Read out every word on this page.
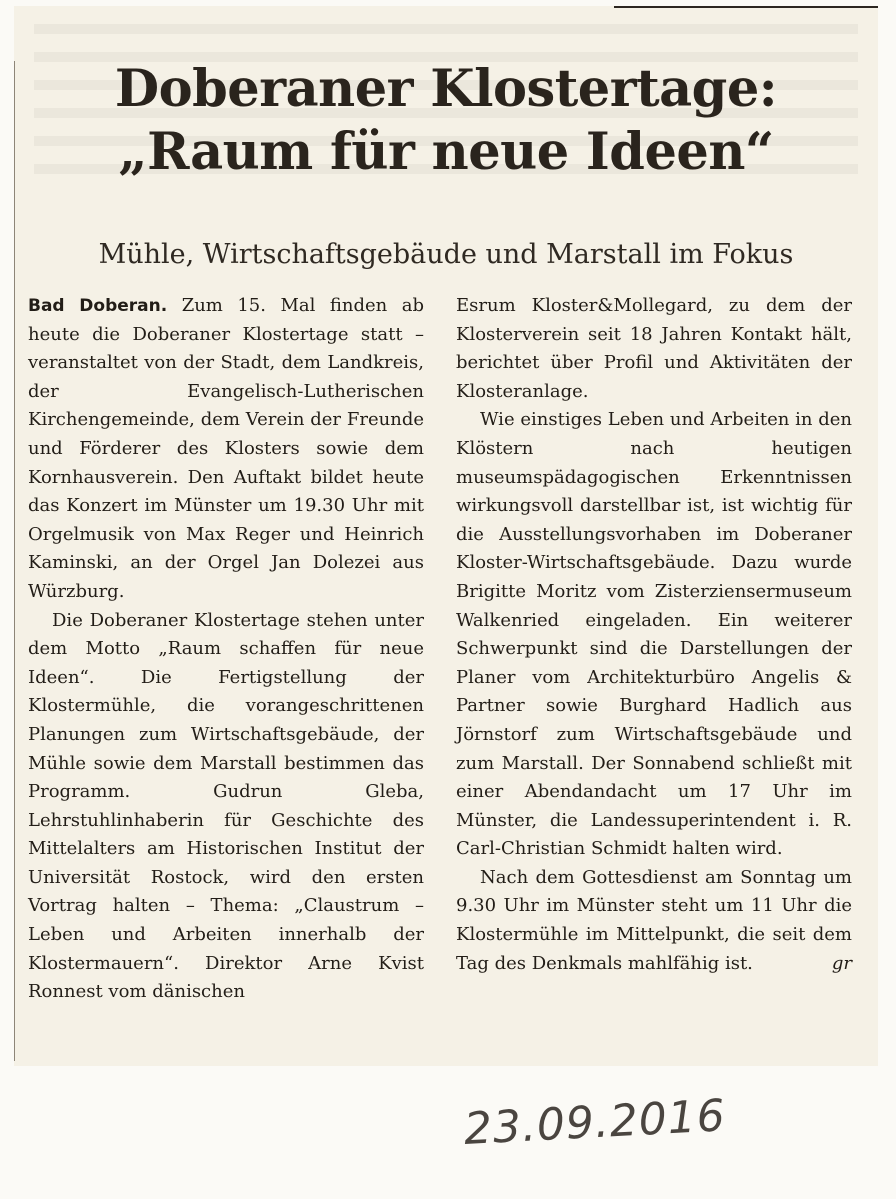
Doberaner Klostertage:
„Raum für neue Ideen“
Mühle, Wirtschaftsgebäude und Marstall im Fokus

Bad Doberan. Zum 15. Mal finden ab heute die Doberaner Klostertage statt – veranstaltet von der Stadt, dem Landkreis, der Evangelisch-Lutherischen Kirchengemeinde, dem Verein der Freunde und Förderer des Klosters sowie dem Kornhausverein. Den Auftakt bildet heute das Konzert im Münster um 19.30 Uhr mit Orgelmusik von Max Reger und Heinrich Kaminski, an der Orgel Jan Dolezei aus Würzburg.

Die Doberaner Klostertage stehen unter dem Motto „Raum schaffen für neue Ideen“. Die Fertigstellung der Klostermühle, die vorangeschrittenen Planungen zum Wirtschaftsgebäude, der Mühle sowie dem Marstall bestimmen das Programm. Gudrun Gleba, Lehrstuhlinhaberin für Geschichte des Mittelalters am Historischen Institut der Universität Rostock, wird den ersten Vortrag halten – Thema: „Claustrum – Leben und Arbeiten innerhalb der Klostermauern“. Direktor Arne Kvist Ronnest vom dänischen

Esrum Kloster&Mollegard, zu dem der Klosterverein seit 18 Jahren Kontakt hält, berichtet über Profil und Aktivitäten der Klosteranlage.

Wie einstiges Leben und Arbeiten in den Klöstern nach heutigen museumspädagogischen Erkenntnissen wirkungsvoll darstellbar ist, ist wichtig für die Ausstellungsvorhaben im Doberaner Kloster-Wirtschaftsgebäude. Dazu wurde Brigitte Moritz vom Zisterziensermuseum Walkenried eingeladen. Ein weiterer Schwerpunkt sind die Darstellungen der Planer vom Architekturbüro Angelis & Partner sowie Burghard Hadlich aus Jörnstorf zum Wirtschaftsgebäude und zum Marstall. Der Sonnabend schließt mit einer Abendandacht um 17 Uhr im Münster, die Landessuperintendent i. R. Carl-Christian Schmidt halten wird.

Nach dem Gottesdienst am Sonntag um 9.30 Uhr im Münster steht um 11 Uhr die Klostermühle im Mittelpunkt, die seit dem Tag des Denkmals mahlfähig ist.	gr

23.09.2016
